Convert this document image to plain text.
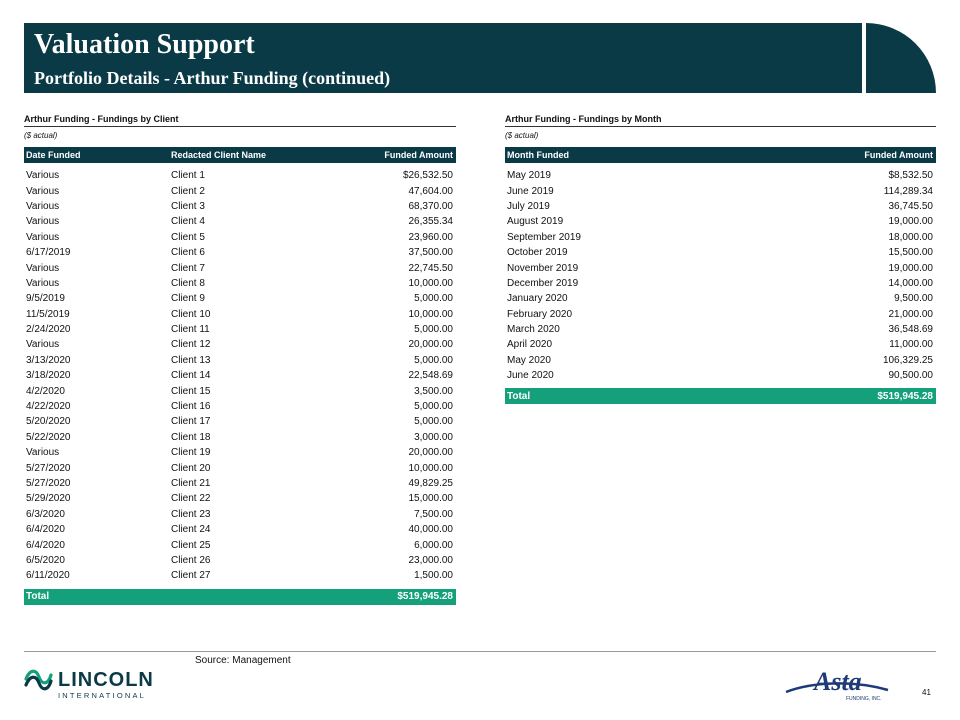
Valuation Support
Portfolio Details - Arthur Funding (continued)
Arthur Funding - Fundings by Client
($ actual)
Date Funded	Redacted Client Name	Funded Amount
Various	Client 1	$26,532.50
Various	Client 2	47,604.00
Various	Client 3	68,370.00
Various	Client 4	26,355.34
Various	Client 5	23,960.00
6/17/2019	Client 6	37,500.00
Various	Client 7	22,745.50
Various	Client 8	10,000.00
9/5/2019	Client 9	5,000.00
11/5/2019	Client 10	10,000.00
2/24/2020	Client 11	5,000.00
Various	Client 12	20,000.00
3/13/2020	Client 13	5,000.00
3/18/2020	Client 14	22,548.69
4/2/2020	Client 15	3,500.00
4/22/2020	Client 16	5,000.00
5/20/2020	Client 17	5,000.00
5/22/2020	Client 18	3,000.00
Various	Client 19	20,000.00
5/27/2020	Client 20	10,000.00
5/27/2020	Client 21	49,829.25
5/29/2020	Client 22	15,000.00
6/3/2020	Client 23	7,500.00
6/4/2020	Client 24	40,000.00
6/4/2020	Client 25	6,000.00
6/5/2020	Client 26	23,000.00
6/11/2020	Client 27	1,500.00
Total	$519,945.28
Arthur Funding - Fundings by Month
($ actual)
Month Funded	Funded Amount
May 2019	$8,532.50
June 2019	114,289.34
July 2019	36,745.50
August 2019	19,000.00
September 2019	18,000.00
October 2019	15,500.00
November 2019	19,000.00
December 2019	14,000.00
January 2020	9,500.00
February 2020	21,000.00
March 2020	36,548.69
April 2020	11,000.00
May 2020	106,329.25
June 2020	90,500.00
Total	$519,945.28
Source: Management
LINCOLN
INTERNATIONAL	Asta
FUNDING, INC.
41
